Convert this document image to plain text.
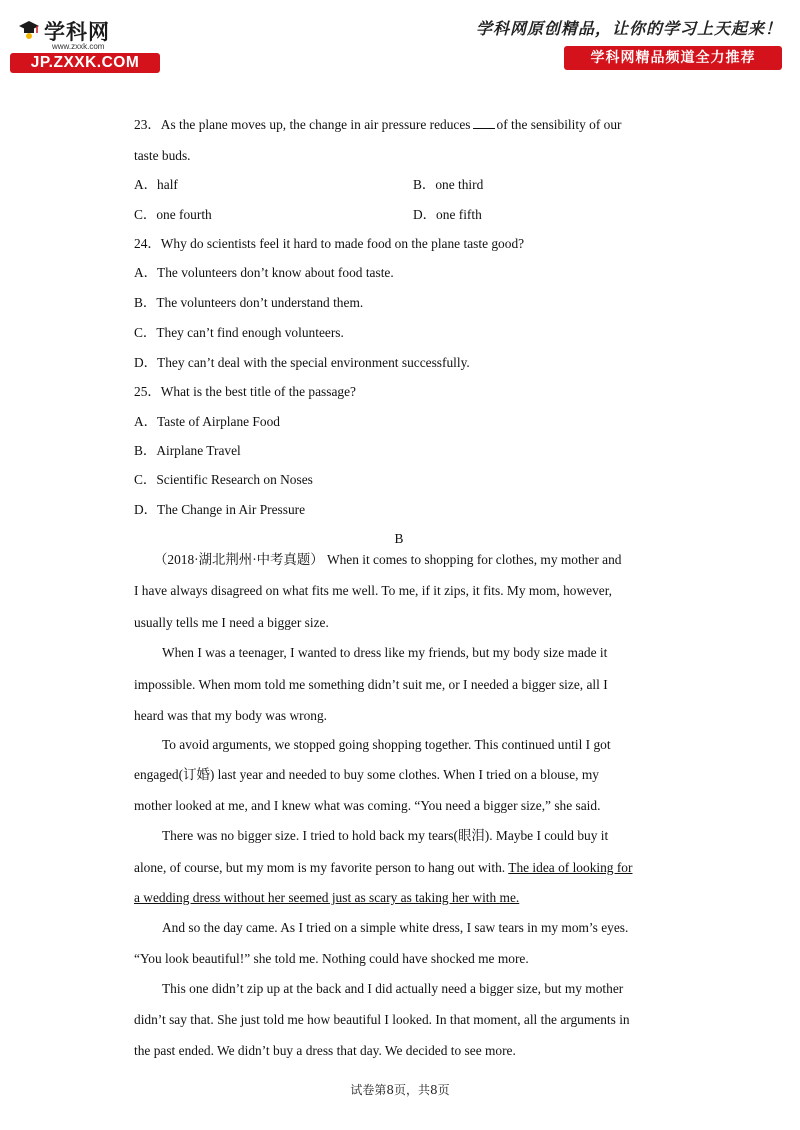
学科网
www.zxxk.com
JP.ZXXK.COM
学科网原创精品，让你的学习上天起来！
学科网精品频道全力推荐
23．As the plane moves up, the change in air pressure reduces of the sensibility of our
taste buds.
A．half	B．one third
C．one fourth	D．one fifth
24．Why do scientists feel it hard to made food on the plane taste good?
A．The volunteers don’t know about food taste.
B．The volunteers don’t understand them.
C．They can’t find enough volunteers.
D．They can’t deal with the special environment successfully.
25．What is the best title of the passage?
A．Taste of Airplane Food
B．Airplane Travel
C．Scientific Research on Noses
D．The Change in Air Pressure
B
（2018·湖北荆州·中考真题） When it comes to shopping for clothes, my mother and
I have always disagreed on what fits me well. To me, if it zips, it fits. My mom, however,
usually tells me I need a bigger size.
When I was a teenager, I wanted to dress like my friends, but my body size made it
impossible. When mom told me something didn’t suit me, or I needed a bigger size, all I
heard was that my body was wrong.
To avoid arguments, we stopped going shopping together. This continued until I got
engaged(订婚) last year and needed to buy some clothes. When I tried on a blouse, my
mother looked at me, and I knew what was coming. “You need a bigger size,” she said.
There was no bigger size. I tried to hold back my tears(眼泪). Maybe I could buy it
alone, of course, but my mom is my favorite person to hang out with. The idea of looking for
a wedding dress without her seemed just as scary as taking her with me.
And so the day came. As I tried on a simple white dress, I saw tears in my mom’s eyes.
“You look beautiful!” she told me. Nothing could have shocked me more.
This one didn’t zip up at the back and I did actually need a bigger size, but my mother
didn’t say that. She just told me how beautiful I looked. In that moment, all the arguments in
the past ended. We didn’t buy a dress that day. We decided to see more.
试卷第8页，共8页
